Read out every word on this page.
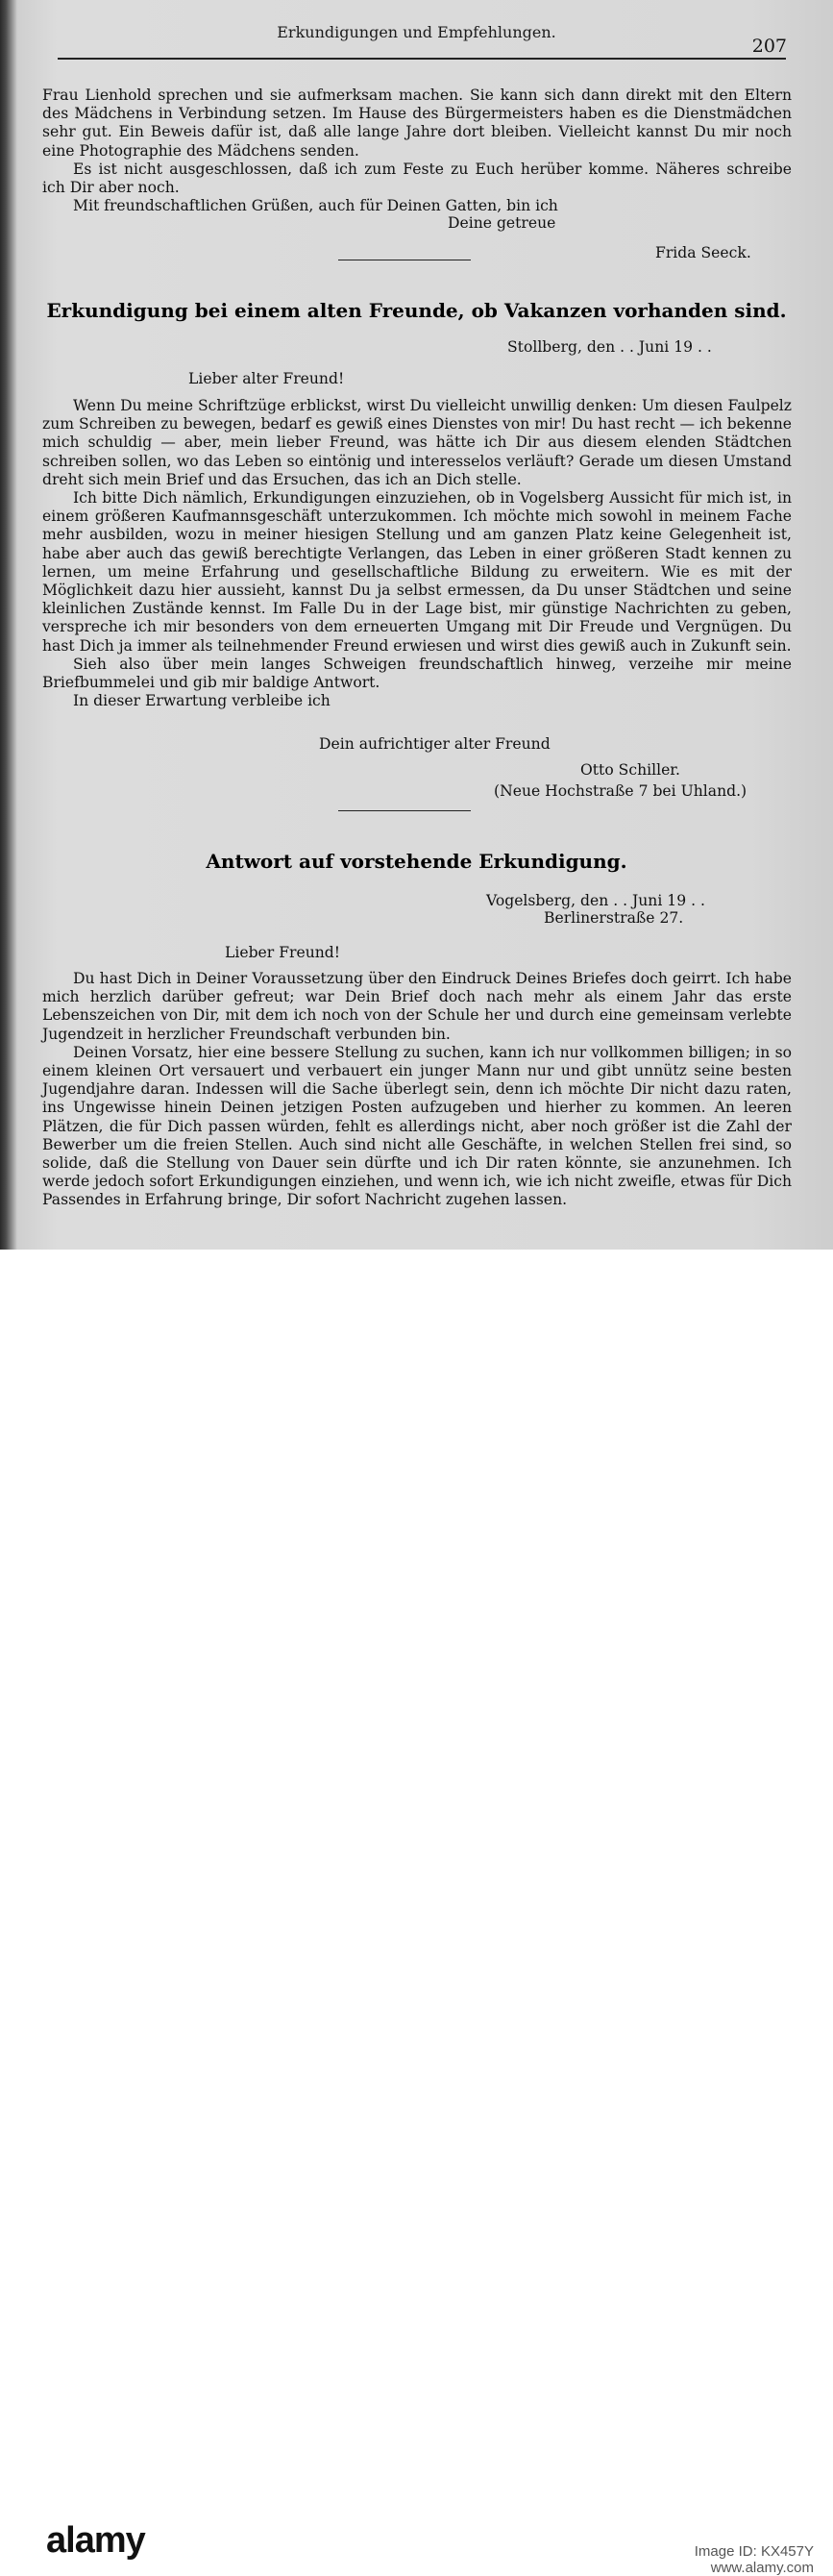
Erkundigungen und Empfehlungen.
207

Frau Lienhold sprechen und sie aufmerksam machen. Sie kann sich dann direkt mit den Eltern des Mädchens in Verbindung setzen. Im Hause des Bürgermeisters haben es die Dienstmädchen sehr gut. Ein Beweis dafür ist, daß alle lange Jahre dort bleiben. Vielleicht kannst Du mir noch eine Photographie des Mädchens senden.

Es ist nicht ausgeschlossen, daß ich zum Feste zu Euch herüber komme. Näheres schreibe ich Dir aber noch.

Mit freundschaftlichen Grüßen, auch für Deinen Gatten, bin ich

Deine getreue
Frida Seeck.
Erkundigung bei einem alten Freunde, ob Vakanzen vorhanden sind.
Stollberg, den . . Juni 19 . .
Lieber alter Freund!

Wenn Du meine Schriftzüge erblickst, wirst Du vielleicht unwillig denken: Um diesen Faulpelz zum Schreiben zu bewegen, bedarf es gewiß eines Dienstes von mir! Du hast recht — ich bekenne mich schuldig — aber, mein lieber Freund, was hätte ich Dir aus diesem elenden Städtchen schreiben sollen, wo das Leben so eintönig und interesselos verläuft? Gerade um diesen Umstand dreht sich mein Brief und das Ersuchen, das ich an Dich stelle.

Ich bitte Dich nämlich, Erkundigungen einzuziehen, ob in Vogelsberg Aussicht für mich ist, in einem größeren Kaufmannsgeschäft unterzukommen. Ich möchte mich sowohl in meinem Fache mehr ausbilden, wozu in meiner hiesigen Stellung und am ganzen Platz keine Gelegenheit ist, habe aber auch das gewiß berechtigte Verlangen, das Leben in einer größeren Stadt kennen zu lernen, um meine Erfahrung und gesellschaftliche Bildung zu erweitern. Wie es mit der Möglichkeit dazu hier aussieht, kannst Du ja selbst ermessen, da Du unser Städtchen und seine kleinlichen Zustände kennst. Im Falle Du in der Lage bist, mir günstige Nachrichten zu geben, verspreche ich mir besonders von dem erneuerten Umgang mit Dir Freude und Vergnügen. Du hast Dich ja immer als teilnehmender Freund erwiesen und wirst dies gewiß auch in Zukunft sein.

Sieh also über mein langes Schweigen freundschaftlich hinweg, verzeihe mir meine Briefbummelei und gib mir baldige Antwort.

In dieser Erwartung verbleibe ich

Dein aufrichtiger alter Freund
Otto Schiller.
(Neue Hochstraße 7 bei Uhland.)
Antwort auf vorstehende Erkundigung.
Vogelsberg, den . . Juni 19 . .
Berlinerstraße 27.
Lieber Freund!

Du hast Dich in Deiner Voraussetzung über den Eindruck Deines Briefes doch geirrt. Ich habe mich herzlich darüber gefreut; war Dein Brief doch nach mehr als einem Jahr das erste Lebenszeichen von Dir, mit dem ich noch von der Schule her und durch eine gemeinsam verlebte Jugendzeit in herzlicher Freundschaft verbunden bin.

Deinen Vorsatz, hier eine bessere Stellung zu suchen, kann ich nur vollkommen billigen; in so einem kleinen Ort versauert und verbauert ein junger Mann nur und gibt unnütz seine besten Jugendjahre daran. Indessen will die Sache überlegt sein, denn ich möchte Dir nicht dazu raten, ins Ungewisse hinein Deinen jetzigen Posten aufzugeben und hierher zu kommen. An leeren Plätzen, die für Dich passen würden, fehlt es allerdings nicht, aber noch größer ist die Zahl der Bewerber um die freien Stellen. Auch sind nicht alle Geschäfte, in welchen Stellen frei sind, so solide, daß die Stellung von Dauer sein dürfte und ich Dir raten könnte, sie anzunehmen. Ich werde jedoch sofort Erkundigungen einziehen, und wenn ich, wie ich nicht zweifle, etwas für Dich Passendes in Erfahrung bringe, Dir sofort Nachricht zugehen lassen.

alamy	Image ID: KX457Y
www.alamy.com
